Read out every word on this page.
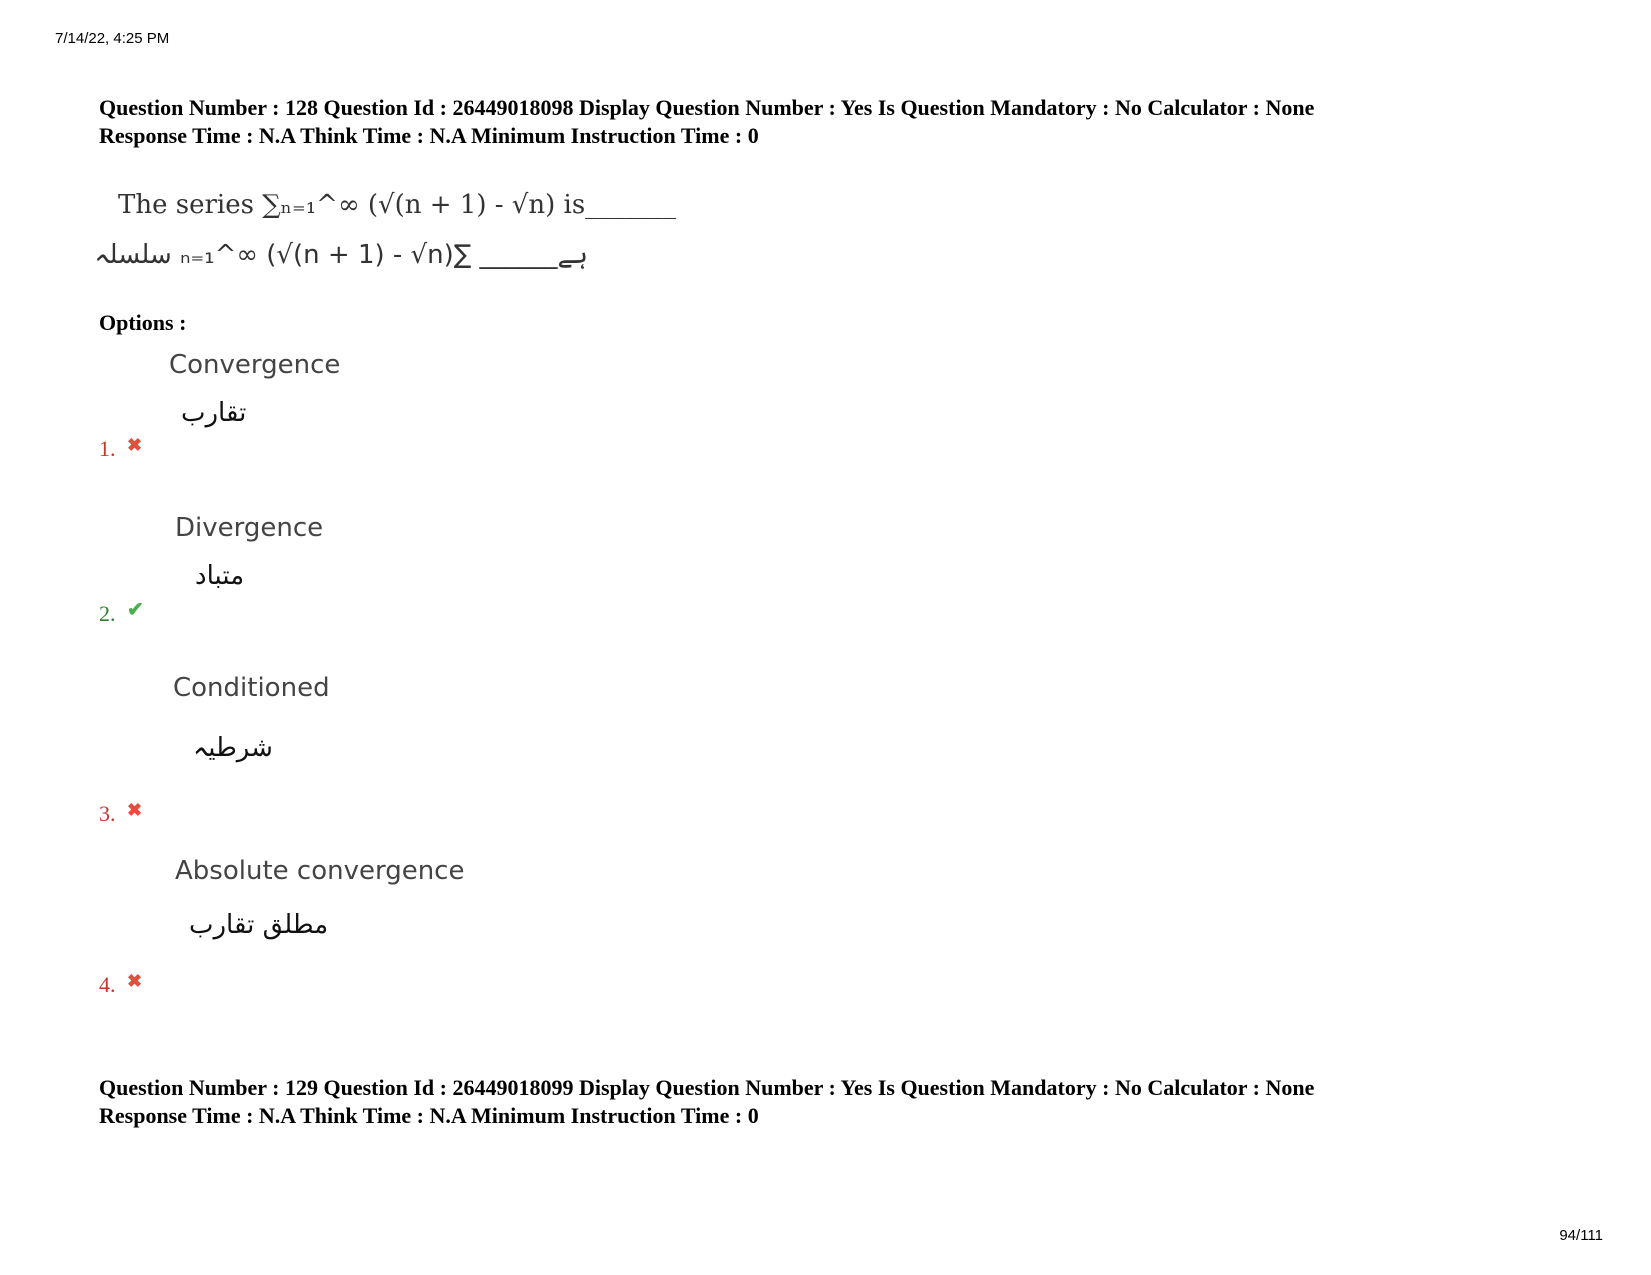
7/14/22, 4:25 PM
Question Number : 128 Question Id : 26449018098 Display Question Number : Yes Is Question Mandatory : No Calculator : None
Response Time : N.A Think Time : N.A Minimum Instruction Time : 0
The series ∑ₙ₌₁^∞ (√(n + 1) - √n) is_______
ہے______ ∑ₙ₌₁^∞ (√(n + 1) - √n) سلسلہ
Options :
Convergence
تقارب
1. ✖
Divergence
متباد
2. ✔
Conditioned
شرطیہ
3. ✖
Absolute convergence
مطلق تقارب
4. ✖
Question Number : 129 Question Id : 26449018099 Display Question Number : Yes Is Question Mandatory : No Calculator : None
Response Time : N.A Think Time : N.A Minimum Instruction Time : 0
94/111
